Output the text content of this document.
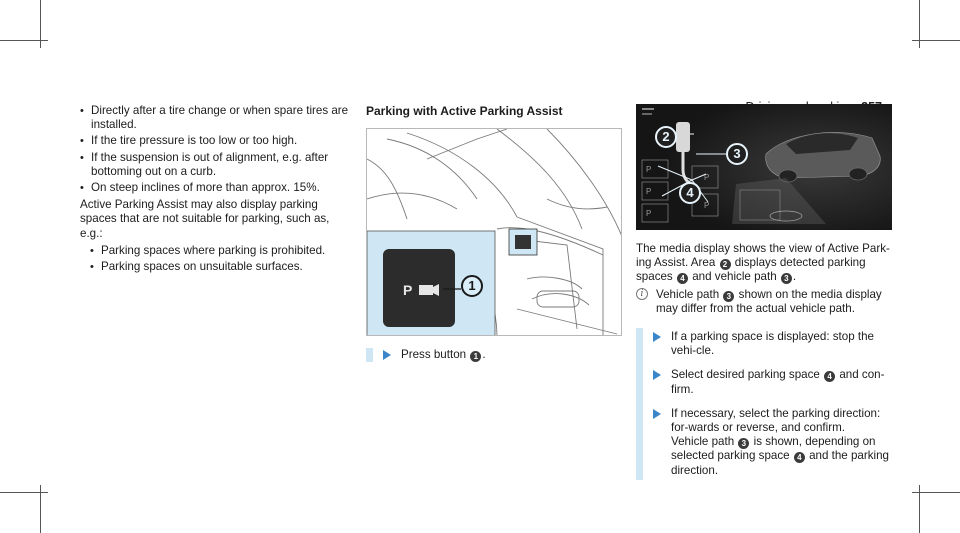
• Directly after a tire change or when spare tires are installed.
• If the tire pressure is too low or too high.
• If the suspension is out of alignment, e.g. after bottoming out on a curb.
• On steep inclines of more than approx. 15%.
Active Parking Assist may also display parking spaces that are not suitable for parking, such as, e.g.:
• Parking spaces where parking is prohibited.
• Parking spaces on unsuitable surfaces.
Parking with Active Parking Assist
P	1
Press button 1 .
P
P
P
P
P
2
3
4
The media display shows the view of Active Park-ing Assist. Area 2 displays detected parking spaces 4 and vehicle path 3 .
i	Vehicle path 3 shown on the media display may differ from the actual vehicle path.
If a parking space is displayed: stop the vehi-cle.
Select desired parking space 4 and con-firm.
If necessary, select the parking direction: for-wards or reverse, and confirm.
Vehicle path 3 is shown, depending on selected parking space 4 and the parking direction.
